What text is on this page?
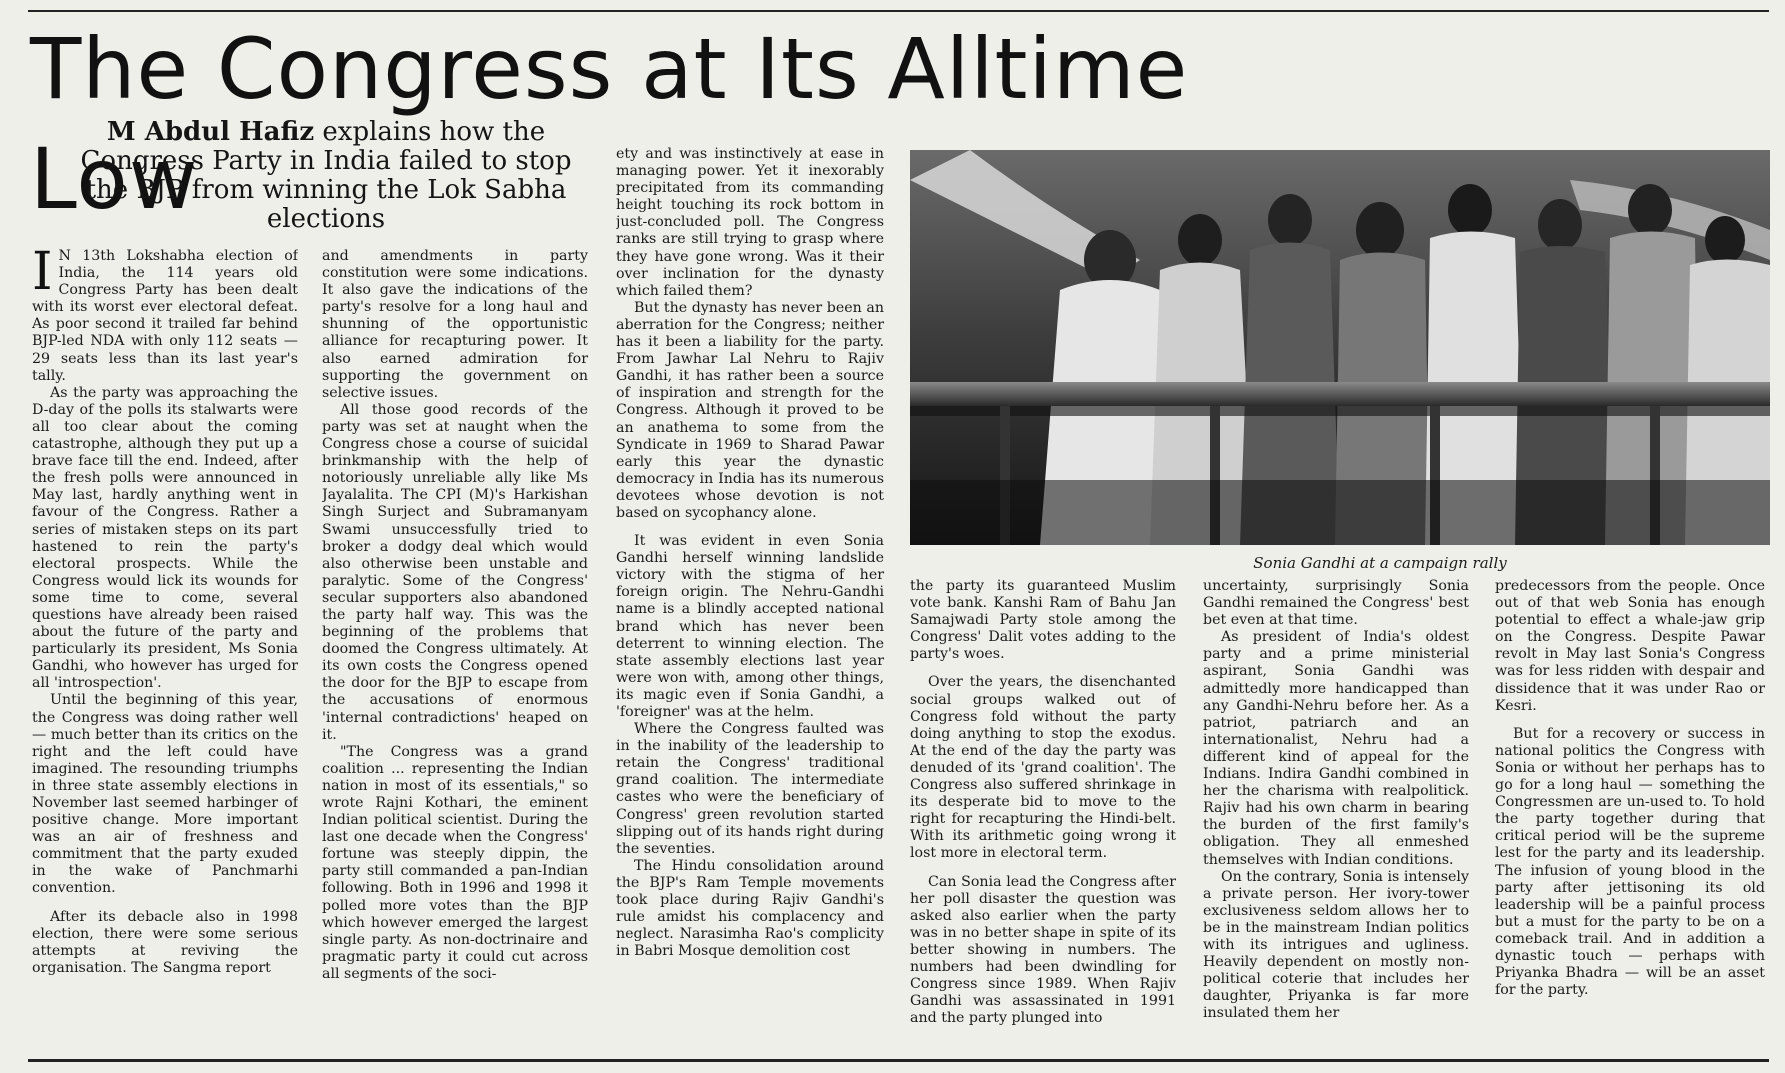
The Congress at Its Alltime Low
M Abdul Hafiz explains how the Congress Party in India failed to stop the BJP from winning the Lok Sabha elections

I N 13th Lokshabha election of India, the 114 years old Congress Party has been dealt with its worst ever electoral defeat. As poor second it trailed far behind BJP-led NDA with only 112 seats — 29 seats less than its last year's tally.

As the party was approaching the D-day of the polls its stalwarts were all too clear about the coming catastrophe, although they put up a brave face till the end. Indeed, after the fresh polls were announced in May last, hardly anything went in favour of the Congress. Rather a series of mistaken steps on its part hastened to rein the party's electoral prospects. While the Congress would lick its wounds for some time to come, several questions have already been raised about the future of the party and particularly its president, Ms Sonia Gandhi, who however has urged for all 'introspection'.

Until the beginning of this year, the Congress was doing rather well — much better than its critics on the right and the left could have imagined. The resounding triumphs in three state assembly elections in November last seemed harbinger of positive change. More important was an air of freshness and commitment that the party exuded in the wake of Panchmarhi convention.

After its debacle also in 1998 election, there were some serious attempts at reviving the organisation. The Sangma report

and amendments in party constitution were some indications. It also gave the indications of the party's resolve for a long haul and shunning of the opportunistic alliance for recapturing power. It also earned admiration for supporting the government on selective issues.

All those good records of the party was set at naught when the Congress chose a course of suicidal brinkmanship with the help of notoriously unreliable ally like Ms Jayalalita. The CPI (M)'s Harkishan Singh Surject and Subramanyam Swami unsuccessfully tried to broker a dodgy deal which would also otherwise been unstable and paralytic. Some of the Congress' secular supporters also abandoned the party half way. This was the beginning of the problems that doomed the Congress ultimately. At its own costs the Congress opened the door for the BJP to escape from the accusations of enormous 'internal contradictions' heaped on it.

"The Congress was a grand coalition ... representing the Indian nation in most of its essentials," so wrote Rajni Kothari, the eminent Indian political scientist. During the last one decade when the Congress' fortune was steeply dippin, the party still commanded a pan-Indian following. Both in 1996 and 1998 it polled more votes than the BJP which however emerged the largest single party. As non-doctrinaire and pragmatic party it could cut across all segments of the soci-

ety and was instinctively at ease in managing power. Yet it inexorably precipitated from its commanding height touching its rock bottom in just-concluded poll. The Congress ranks are still trying to grasp where they have gone wrong. Was it their over inclination for the dynasty which failed them?

But the dynasty has never been an aberration for the Congress; neither has it been a liability for the party. From Jawhar Lal Nehru to Rajiv Gandhi, it has rather been a source of inspiration and strength for the Congress. Although it proved to be an anathema to some from the Syndicate in 1969 to Sharad Pawar early this year the dynastic democracy in India has its numerous devotees whose devotion is not based on sycophancy alone.

It was evident in even Sonia Gandhi herself winning landslide victory with the stigma of her foreign origin. The Nehru-Gandhi name is a blindly accepted national brand which has never been deterrent to winning election. The state assembly elections last year were won with, among other things, its magic even if Sonia Gandhi, a 'foreigner' was at the helm.

Where the Congress faulted was in the inability of the leadership to retain the Congress' traditional grand coalition. The intermediate castes who were the beneficiary of Congress' green revolution started slipping out of its hands right during the seventies.

The Hindu consolidation around the BJP's Ram Temple movements took place during Rajiv Gandhi's rule amidst his complacency and neglect. Narasimha Rao's complicity in Babri Mosque demolition cost

Sonia Gandhi at a campaign rally

the party its guaranteed Muslim vote bank. Kanshi Ram of Bahu Jan Samajwadi Party stole among the Congress' Dalit votes adding to the party's woes.

Over the years, the disenchanted social groups walked out of Congress fold without the party doing anything to stop the exodus. At the end of the day the party was denuded of its 'grand coalition'. The Congress also suffered shrinkage in its desperate bid to move to the right for recapturing the Hindi-belt. With its arithmetic going wrong it lost more in electoral term.

Can Sonia lead the Congress after her poll disaster the question was asked also earlier when the party was in no better shape in spite of its better showing in numbers. The numbers had been dwindling for Congress since 1989. When Rajiv Gandhi was assassinated in 1991 and the party plunged into

uncertainty, surprisingly Sonia Gandhi remained the Congress' best bet even at that time.

As president of India's oldest party and a prime ministerial aspirant, Sonia Gandhi was admittedly more handicapped than any Gandhi-Nehru before her. As a patriot, patriarch and an internationalist, Nehru had a different kind of appeal for the Indians. Indira Gandhi combined in her the charisma with realpolitick. Rajiv had his own charm in bearing the burden of the first family's obligation. They all enmeshed themselves with Indian conditions.

On the contrary, Sonia is intensely a private person. Her ivory-tower exclusiveness seldom allows her to be in the mainstream Indian politics with its intrigues and ugliness. Heavily dependent on mostly non-political coterie that includes her daughter, Priyanka is far more insulated them her

predecessors from the people. Once out of that web Sonia has enough potential to effect a whale-jaw grip on the Congress. Despite Pawar revolt in May last Sonia's Congress was for less ridden with despair and dissidence that it was under Rao or Kesri.

But for a recovery or success in national politics the Congress with Sonia or without her perhaps has to go for a long haul — something the Congressmen are un-used to. To hold the party together during that critical period will be the supreme lest for the party and its leadership. The infusion of young blood in the party after jettisoning its old leadership will be a painful process but a must for the party to be on a comeback trail. And in addition a dynastic touch — perhaps with Priyanka Bhadra — will be an asset for the party.
